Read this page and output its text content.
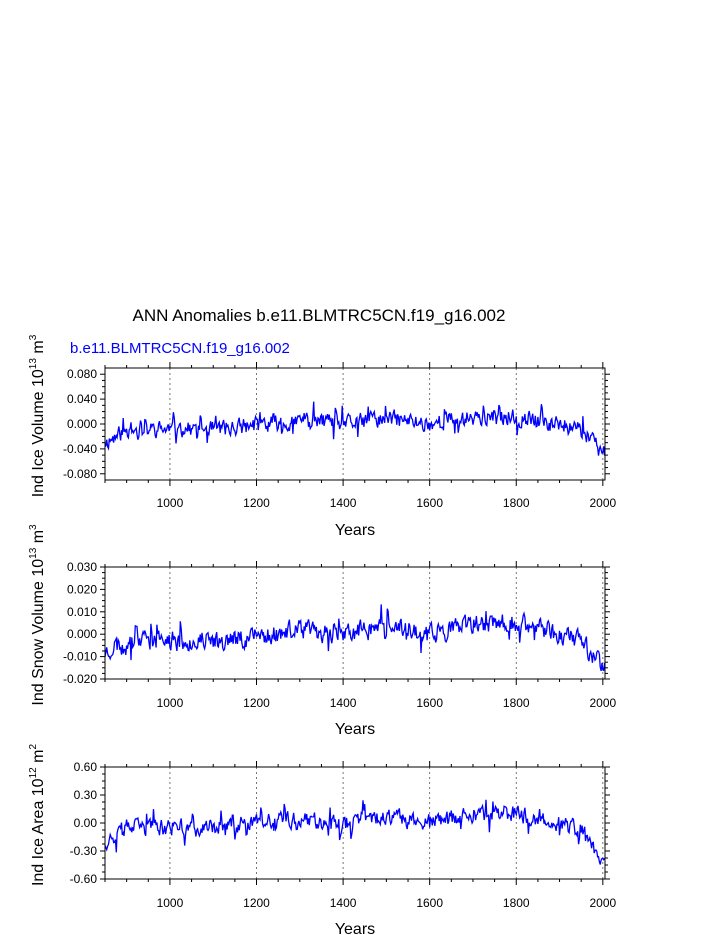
ANN Anomalies b.e11.BLMTRC5CN.f19_g16.002
b.e11.BLMTRC5CN.f19_g16.002
-0.080
-0.040
0.000
0.040
0.080
1000	1200	1400	1600	1800	2000
Years
Ind Ice Volume $10^{13}$ $m^3$
-0.020
-0.010
0.000
0.010
0.020
0.030
1000	1200	1400	1600	1800	2000
Years
Ind Snow Volume $10^{13}$ $m^3$
-0.60
-0.30
0.00
0.30
0.60
1000	1200	1400	1600	1800	2000
Years
Ind Ice Area $10^{12}$ $m^2$
